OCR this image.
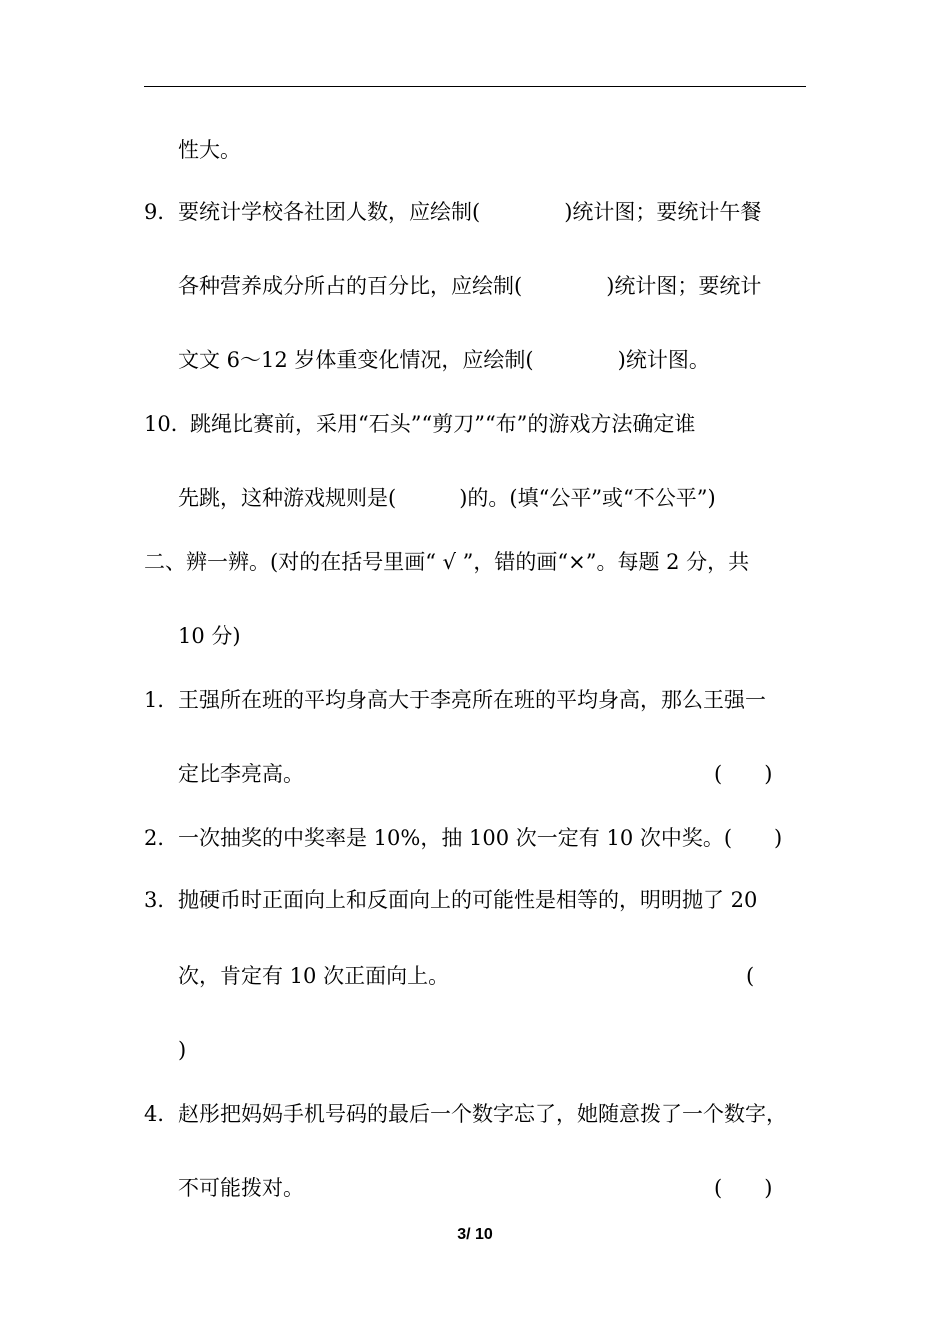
性大。
9． 要统计学校各社团人数，应绘制(　　　　)统计图；要统计午餐
各种营养成分所占的百分比，应绘制(　　　　)统计图；要统计
文文 6～12 岁体重变化情况，应绘制(　　　　)统计图。
10．
跳绳比赛前，采用“石头”“剪刀”“布”的游戏方法确定谁
先跳，这种游戏规则是(　　　)的。(填“公平”或“不公平”)
二、辨一辨。(对的在括号里画“ √ ”，错的画“×”。每题 2 分，共
10 分)
1． 王强所在班的平均身高大于李亮所在班的平均身高，那么王强一
定比李亮高。	(　　)
2． 一次抽奖的中奖率是 10%，抽 100 次一定有 10 次中奖。(　　)
3． 抛硬币时正面向上和反面向上的可能性是相等的，明明抛了 20
次，肯定有 10 次正面向上。	(
)
4． 赵彤把妈妈手机号码的最后一个数字忘了，她随意拨了一个数字，
不可能拨对。	(　　)
3/ 10
